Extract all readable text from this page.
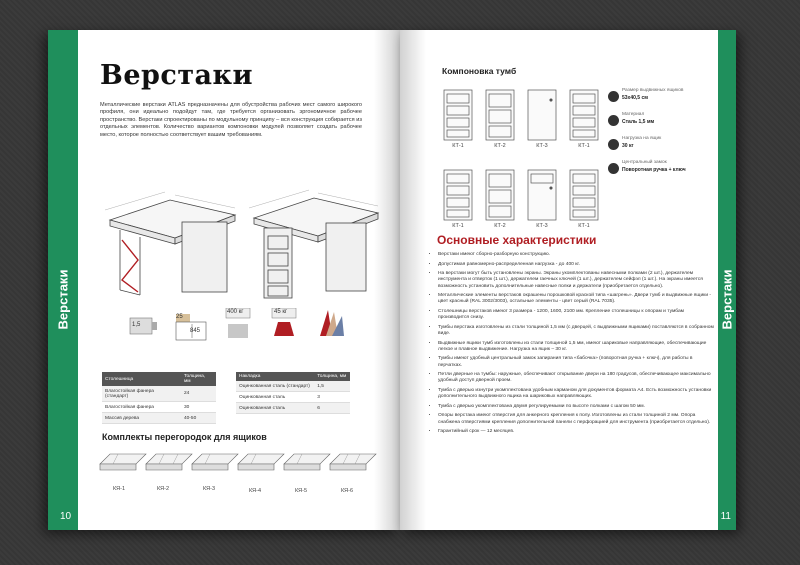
Верстаки
10
Верстаки
Металлические верстаки ATLAS предназначены для обустройства рабочих мест самого широкого профиля, они идеально подойдут там, где требуется организовать эргономичное рабочее пространство. Верстаки спроектированы по модульному принципу – вся конструкция собирается из отдельных элементов. Количество вариантов компоновки модулей позволяет создать рабочее место, которое полностью соответствует вашим требованиям.
1,5
25
845
400 кг	45 кг
Столешница	Толщина, мм
Влагостойкая фанера (стандарт)	24
Влагостойкая фанера	30
Массив дерева	40-50
Накладка	Толщина, мм
Оцинкованная сталь (стандарт)	1,5
Оцинкованная сталь	3
Оцинкованная сталь	6
Комплекты перегородок для ящиков
КЯ-1	КЯ-2	КЯ-3	КЯ-4	КЯ-5	КЯ-6
Верстаки
11
Компоновка тумб
КТ-1	КТ-2	КТ-3	КТ-1
КТ-1	КТ-2	КТ-3	КТ-1
Размер выдвижных ящиков
53х40,5 см
Материал
Сталь 1,5 мм
Нагрузка на ящик
30 кг
Центральный замок
Поворотная ручка + ключ
Основные характеристики
• Верстаки имеют сборно-разборную конструкцию.
• Допустимая равномерно-распределенная нагрузка - до 400 кг.
• На верстаки могут быть установлены экраны. Экраны укомплектованы навесными полками (2 шт.), держателем инструмента и отверток (1 шт.), держателем гаечных ключей (1 шт.), держателем сейфэл (1 шт.). На экраны имеется возможность установить дополнительные навесные полки и держатели (приобретается отдельно).
• Металлические элементы верстаков окрашены порошковой краской типа «шагрень». Двери тумб и выдвижные ящики - цвет красный (RAL 3002/3003), остальные элементы - цвет серый (RAL 7035).
• Столешницы верстаков имеют 3 размера - 1200, 1600, 2100 мм. Крепление столешницы к опорам и тумбам производится снизу.
• Тумбы верстака изготовлены из стали толщиной 1,5 мм (с дверцей, с выдвижными ящиками) поставляются в собранном виде.
• Выдвижные ящики тумб изготовлены из стали толщиной 1,5 мм, имеют шариковые направляющие, обеспечивающие легкое и плавное выдвижение. Нагрузка на ящик – 30 кг.
• Тумбы имеют удобный центральный замок запирания типа «бабочка» (поворотная ручка + ключ), для работы в перчатках.
• Петли дверные на тумбы: наружные, обеспечивают открывание двери на 180 градусов, обеспечивающее максимально удобный доступ дверной проем.
• Тумба с дверью изнутри укомплектована удобным карманом для документов формата А4. Есть возможность установки дополнительного выдвижного ящика на шариковых направляющих.
• Тумба с дверью укомплектована двумя регулируемыми по высоте полками с шагом 50 мм.
• Опоры верстака имеют отверстия для анкерного крепления к полу. Изготовлены из стали толщиной 2 мм. Опора снабжена отверстиями крепления дополнительной панели с перфорацией для инструмента (приобретается отдельно).
• Гарантийный срок — 12 месяцев.
